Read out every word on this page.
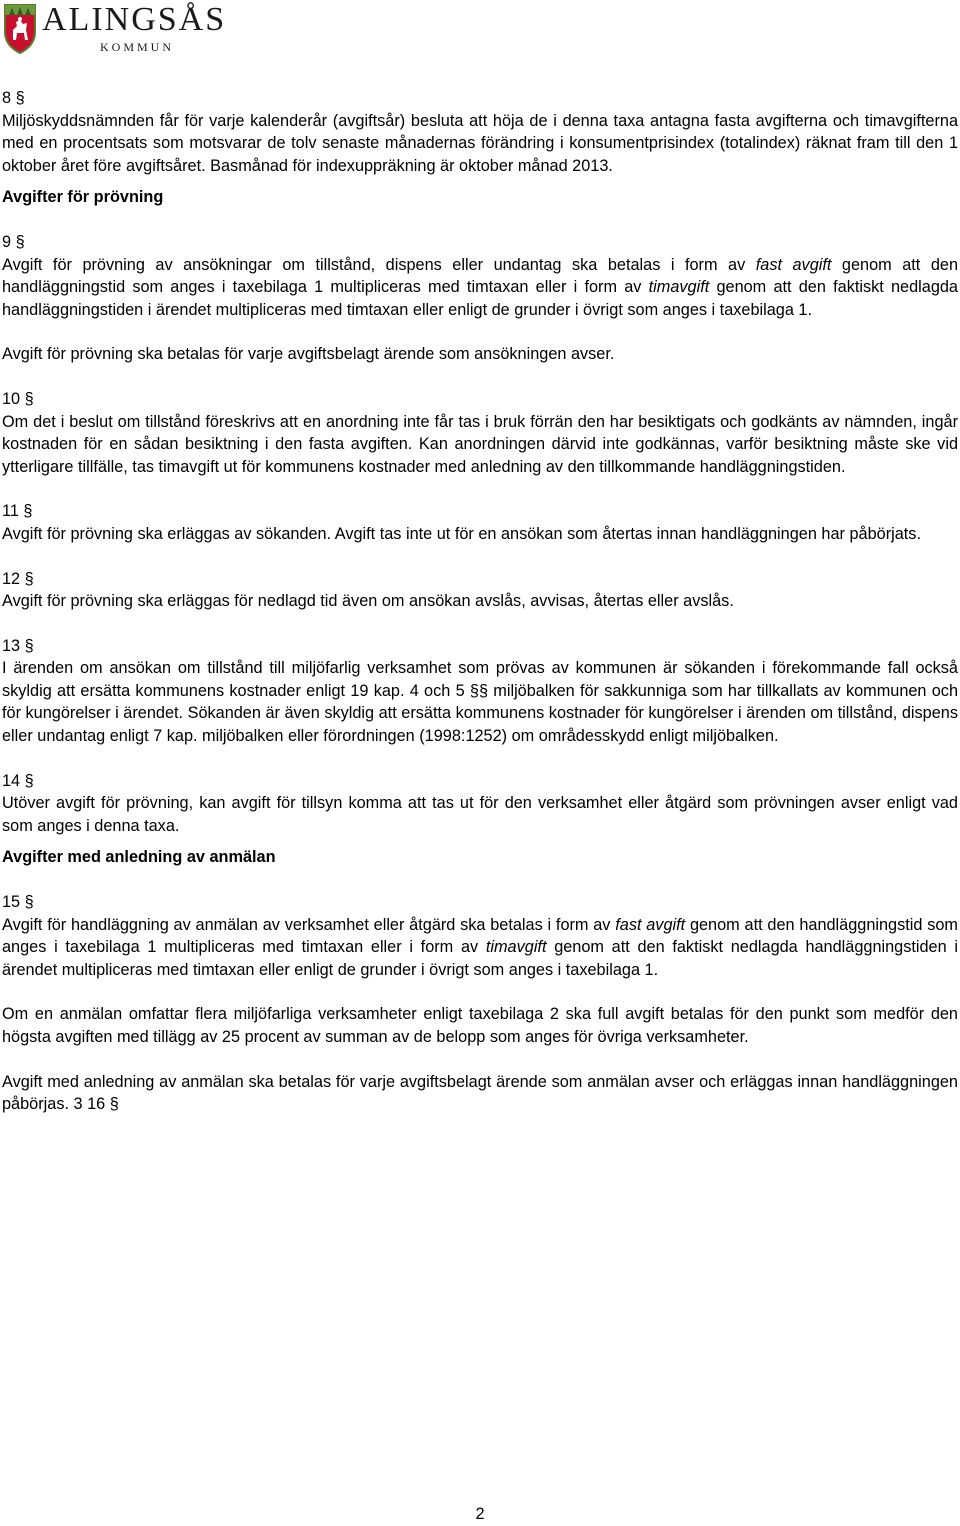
ALINGSÅS
KOMMUN
8 §

Miljöskyddsnämnden får för varje kalenderår (avgiftsår) besluta att höja de i denna taxa antagna fasta avgifterna och timavgifterna med en procentsats som motsvarar de tolv senaste månadernas förändring i konsumentprisindex (totalindex) räknat fram till den 1 oktober året före avgiftsåret. Basmånad för indexuppräkning är oktober månad 2013.

Avgifter för prövning
9 §

Avgift för prövning av ansökningar om tillstånd, dispens eller undantag ska betalas i form av fast avgift genom att den handläggningstid som anges i taxebilaga 1 multipliceras med timtaxan eller i form av timavgift genom att den faktiskt nedlagda handläggningstiden i ärendet multipliceras med timtaxan eller enligt de grunder i övrigt som anges i taxebilaga 1.

Avgift för prövning ska betalas för varje avgiftsbelagt ärende som ansökningen avser.

10 §

Om det i beslut om tillstånd föreskrivs att en anordning inte får tas i bruk förrän den har besiktigats och godkänts av nämnden, ingår kostnaden för en sådan besiktning i den fasta avgiften. Kan anordningen därvid inte godkännas, varför besiktning måste ske vid ytterligare tillfälle, tas timavgift ut för kommunens kostnader med anledning av den tillkommande handläggningstiden.

11 §

Avgift för prövning ska erläggas av sökanden. Avgift tas inte ut för en ansökan som återtas innan handläggningen har påbörjats.

12 §

Avgift för prövning ska erläggas för nedlagd tid även om ansökan avslås, avvisas, återtas eller avslås.

13 §

I ärenden om ansökan om tillstånd till miljöfarlig verksamhet som prövas av kommunen är sökanden i förekommande fall också skyldig att ersätta kommunens kostnader enligt 19 kap. 4 och 5 §§ miljöbalken för sakkunniga som har tillkallats av kommunen och för kungörelser i ärendet. Sökanden är även skyldig att ersätta kommunens kostnader för kungörelser i ärenden om tillstånd, dispens eller undantag enligt 7 kap. miljöbalken eller förordningen (1998:1252) om områdesskydd enligt miljöbalken.

14 §

Utöver avgift för prövning, kan avgift för tillsyn komma att tas ut för den verksamhet eller åtgärd som prövningen avser enligt vad som anges i denna taxa.

Avgifter med anledning av anmälan
15 §

Avgift för handläggning av anmälan av verksamhet eller åtgärd ska betalas i form av fast avgift genom att den handläggningstid som anges i taxebilaga 1 multipliceras med timtaxan eller i form av timavgift genom att den faktiskt nedlagda handläggningstiden i ärendet multipliceras med timtaxan eller enligt de grunder i övrigt som anges i taxebilaga 1.

Om en anmälan omfattar flera miljöfarliga verksamheter enligt taxebilaga 2 ska full avgift betalas för den punkt som medför den högsta avgiften med tillägg av 25 procent av summan av de belopp som anges för övriga verksamheter.

Avgift med anledning av anmälan ska betalas för varje avgiftsbelagt ärende som anmälan avser och erläggas innan handläggningen påbörjas. 3 16 §

2
